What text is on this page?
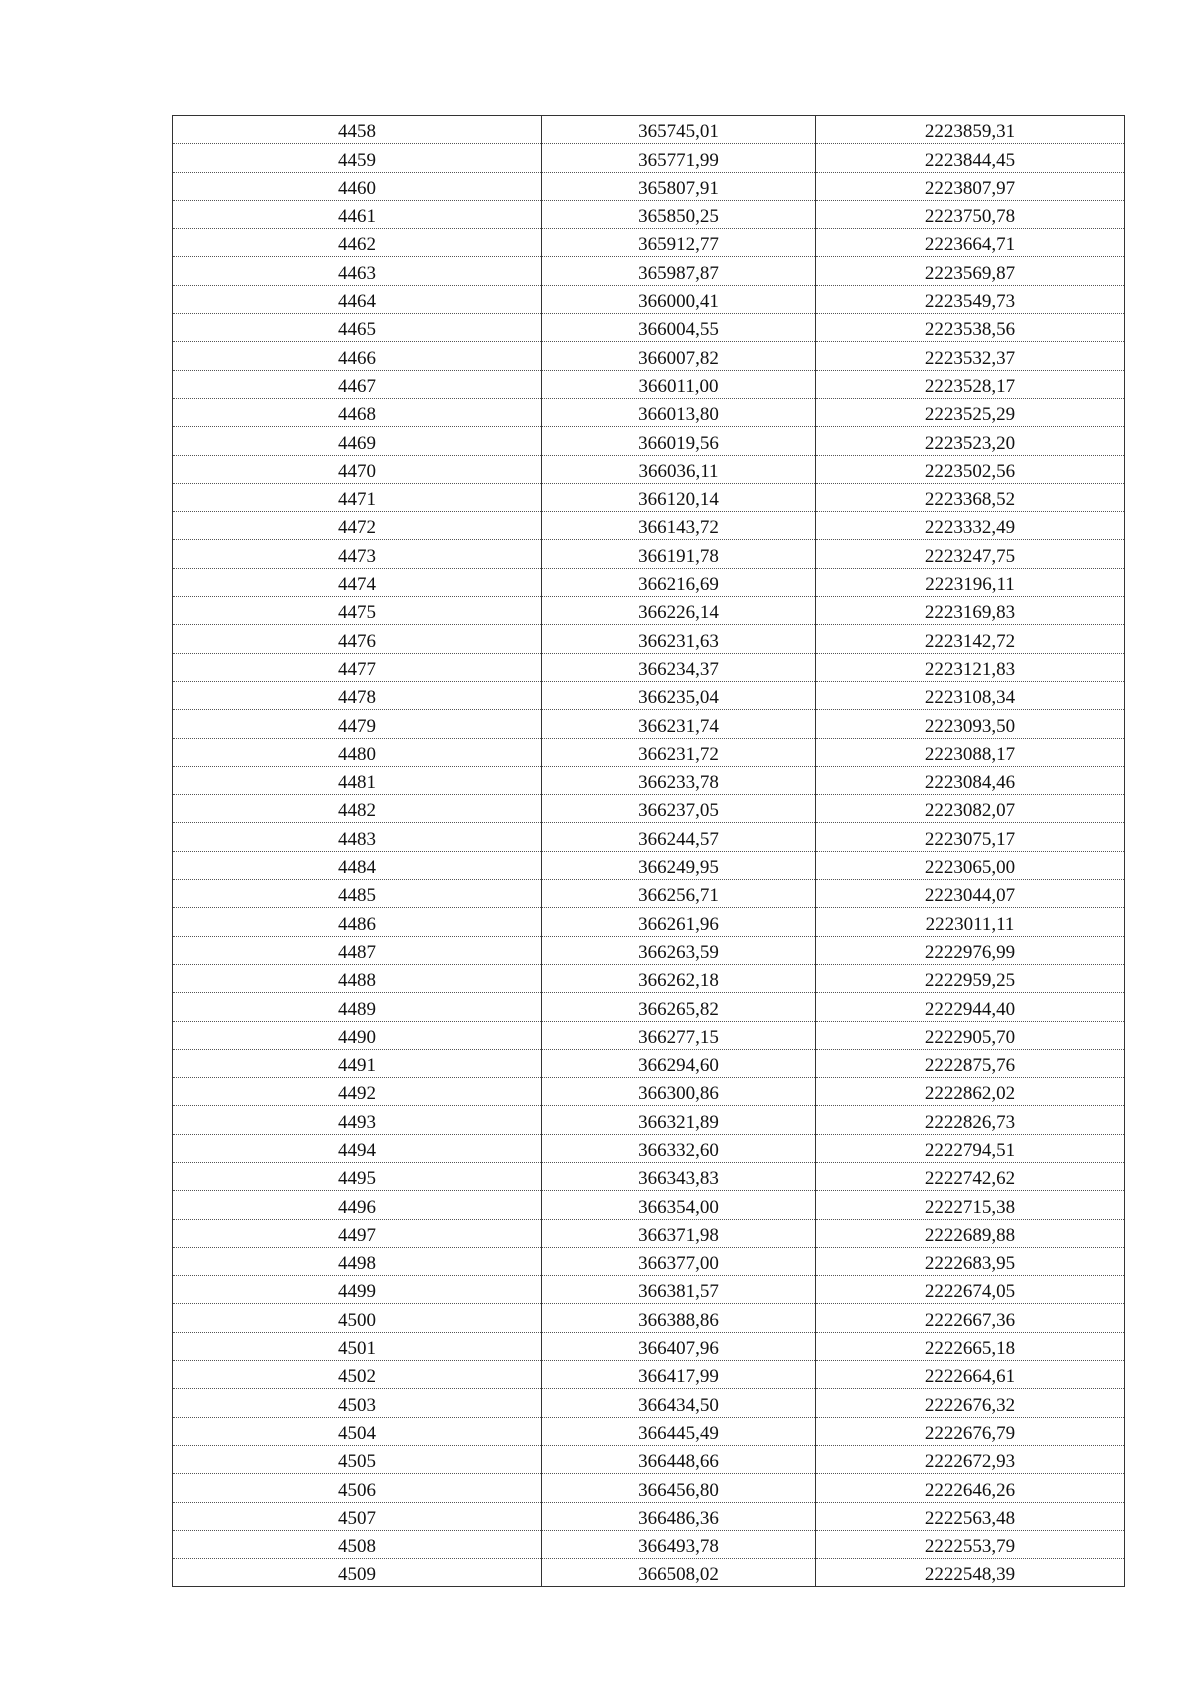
4458	365745,01	2223859,31
4459	365771,99	2223844,45
4460	365807,91	2223807,97
4461	365850,25	2223750,78
4462	365912,77	2223664,71
4463	365987,87	2223569,87
4464	366000,41	2223549,73
4465	366004,55	2223538,56
4466	366007,82	2223532,37
4467	366011,00	2223528,17
4468	366013,80	2223525,29
4469	366019,56	2223523,20
4470	366036,11	2223502,56
4471	366120,14	2223368,52
4472	366143,72	2223332,49
4473	366191,78	2223247,75
4474	366216,69	2223196,11
4475	366226,14	2223169,83
4476	366231,63	2223142,72
4477	366234,37	2223121,83
4478	366235,04	2223108,34
4479	366231,74	2223093,50
4480	366231,72	2223088,17
4481	366233,78	2223084,46
4482	366237,05	2223082,07
4483	366244,57	2223075,17
4484	366249,95	2223065,00
4485	366256,71	2223044,07
4486	366261,96	2223011,11
4487	366263,59	2222976,99
4488	366262,18	2222959,25
4489	366265,82	2222944,40
4490	366277,15	2222905,70
4491	366294,60	2222875,76
4492	366300,86	2222862,02
4493	366321,89	2222826,73
4494	366332,60	2222794,51
4495	366343,83	2222742,62
4496	366354,00	2222715,38
4497	366371,98	2222689,88
4498	366377,00	2222683,95
4499	366381,57	2222674,05
4500	366388,86	2222667,36
4501	366407,96	2222665,18
4502	366417,99	2222664,61
4503	366434,50	2222676,32
4504	366445,49	2222676,79
4505	366448,66	2222672,93
4506	366456,80	2222646,26
4507	366486,36	2222563,48
4508	366493,78	2222553,79
4509	366508,02	2222548,39
